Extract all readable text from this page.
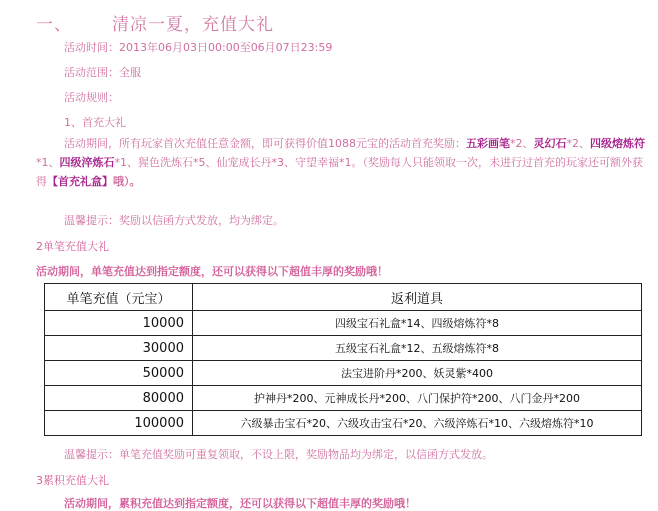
一、 清凉一夏，充值大礼
活动时间：2013年06月03日00:00至06月07日23:59
活动范围：全服
活动规则：
1、首充大礼
活动期间，所有玩家首次充值任意金额，即可获得价值1088元宝的活动首充奖励：五彩画笔*2、灵幻石*2、四级熔炼符*1、四级淬炼石*1、猩色洗炼石*5、仙宠成长丹*3、守望幸福*1。（奖励每人只能领取一次，未进行过首充的玩家还可额外获得【首充礼盒】哦）。
温馨提示：奖励以信函方式发放，均为绑定。
2单笔充值大礼
活动期间，单笔充值达到指定额度，还可以获得以下超值丰厚的奖励哦！
单笔充值（元宝）	返利道具
10000	四级宝石礼盒*14、四级熔炼符*8
30000	五级宝石礼盒*12、五级熔炼符*8
50000	法宝进阶丹*200、妖灵紫*400
80000	护神丹*200、元神成长丹*200、八门保护符*200、八门金丹*200
100000	六级暴击宝石*20、六级攻击宝石*20、六级淬炼石*10、六级熔炼符*10
温馨提示：单笔充值奖励可重复领取，不设上限，奖励物品均为绑定，以信函方式发放。
3累积充值大礼
活动期间，累积充值达到指定额度，还可以获得以下超值丰厚的奖励哦！
